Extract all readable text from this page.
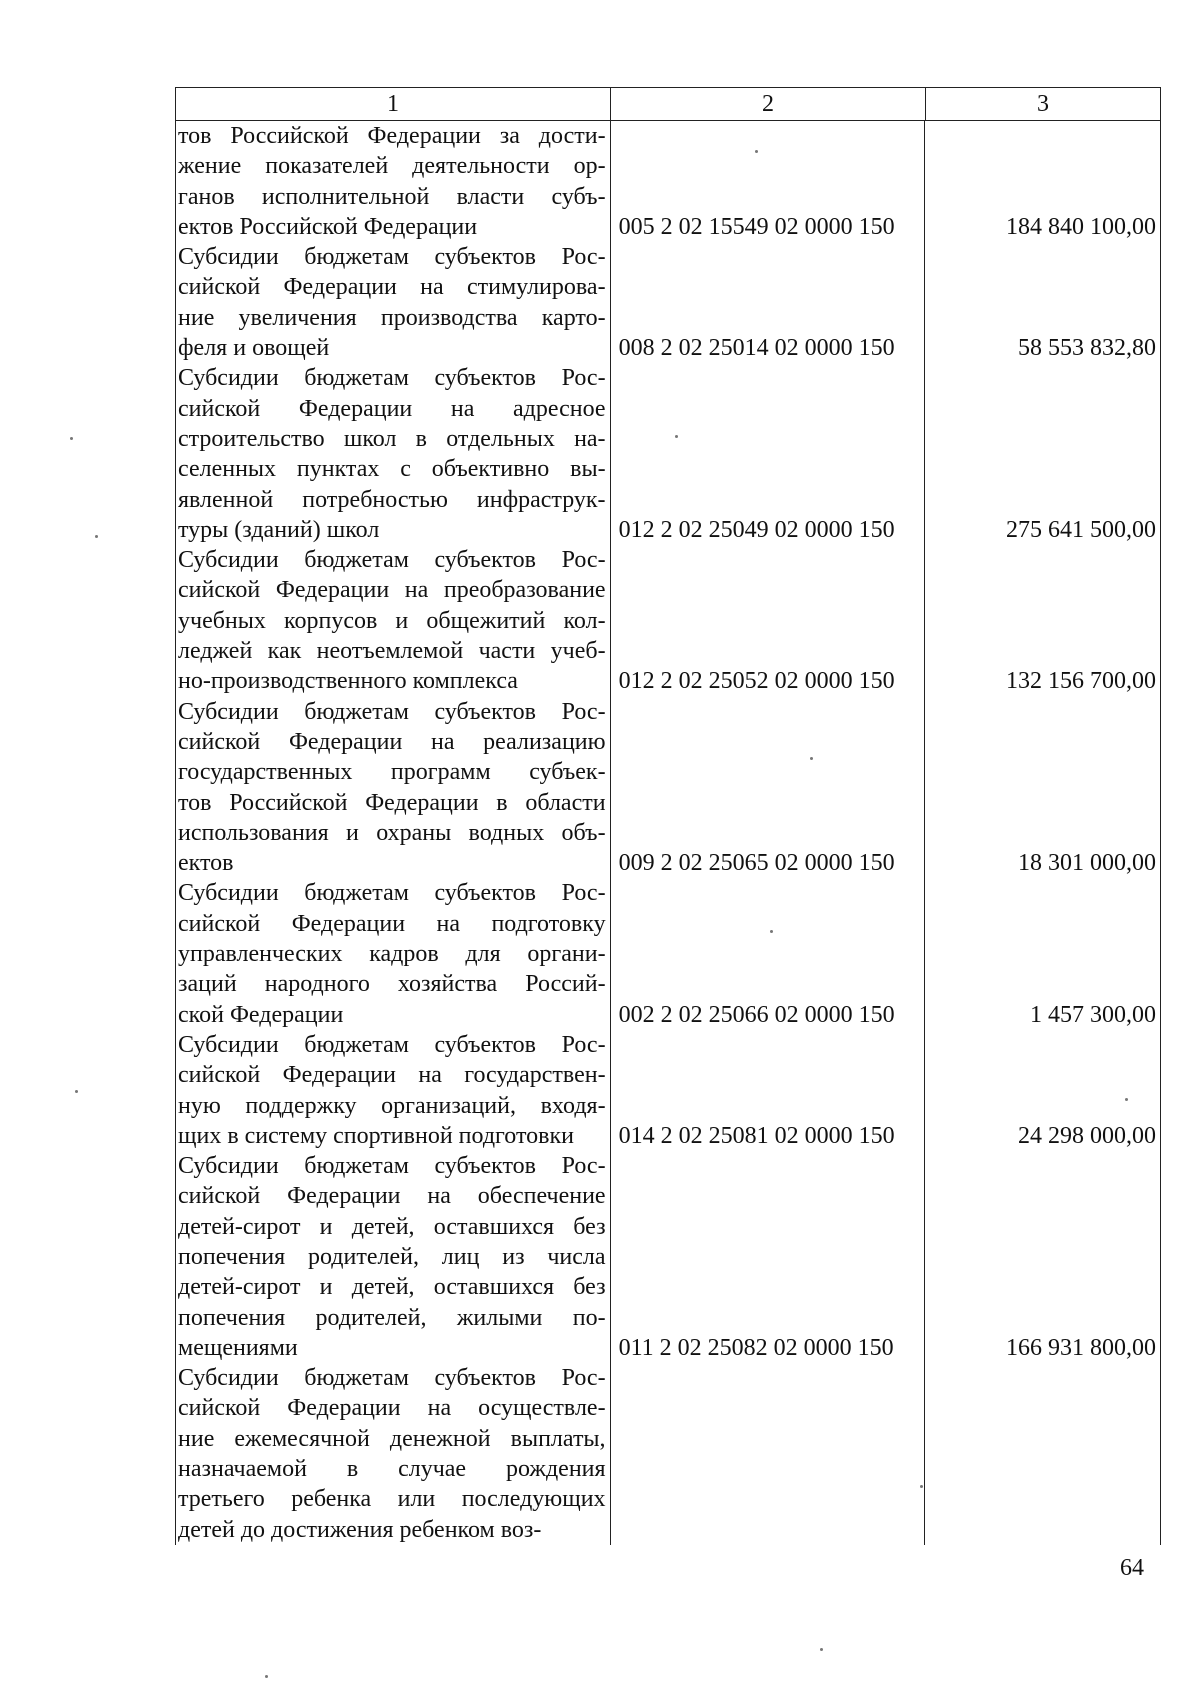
1	2	3
тов Российской Федерации за дости-
жение показателей деятельности ор-
ганов исполнительной власти субъ-
ектов Российской Федерации	005 2 02 15549 02 0000 150	184 840 100,00
Субсидии бюджетам субъектов Рос-
сийской Федерации на стимулирова-
ние увеличения производства карто-
феля и овощей	008 2 02 25014 02 0000 150	58 553 832,80
Субсидии бюджетам субъектов Рос-
сийской   Федерации   на   адресное
строительство школ в отдельных на-
селенных пунктах с объективно вы-
явленной потребностью инфраструк-
туры (зданий) школ	012 2 02 25049 02 0000 150	275 641 500,00
Субсидии бюджетам субъектов Рос-
сийской Федерации на преобразование
учебных корпусов и общежитий кол-
леджей как неотъемлемой части учеб-
но-производственного комплекса	012 2 02 25052 02 0000 150	132 156 700,00
Субсидии бюджетам субъектов Рос-
сийской  Федерации  на  реализацию
государственных  программ  субъек-
тов Российской Федерации в области
использования и охраны водных объ-
ектов	009 2 02 25065 02 0000 150	18 301 000,00
Субсидии бюджетам субъектов Рос-
сийской  Федерации  на  подготовку
управленческих кадров для органи-
заций народного хозяйства Россий-
ской Федерации	002 2 02 25066 02 0000 150	1 457 300,00
Субсидии бюджетам субъектов Рос-
сийской Федерации на государствен-
ную поддержку организаций, входя-
щих в систему спортивной подготовки	014 2 02 25081 02 0000 150	24 298 000,00
Субсидии бюджетам субъектов Рос-
сийской Федерации на обеспечение
детей-сирот и детей, оставшихся без
попечения родителей, лиц из числа
детей-сирот и детей, оставшихся без
попечения родителей, жилыми по-
мещениями	011 2 02 25082 02 0000 150	166 931 800,00
Субсидии бюджетам субъектов Рос-
сийской Федерации на осуществле-
ние ежемесячной денежной выплаты,
назначаемой   в   случае   рождения
третьего ребенка или последующих
детей до достижения ребенком воз-
64
